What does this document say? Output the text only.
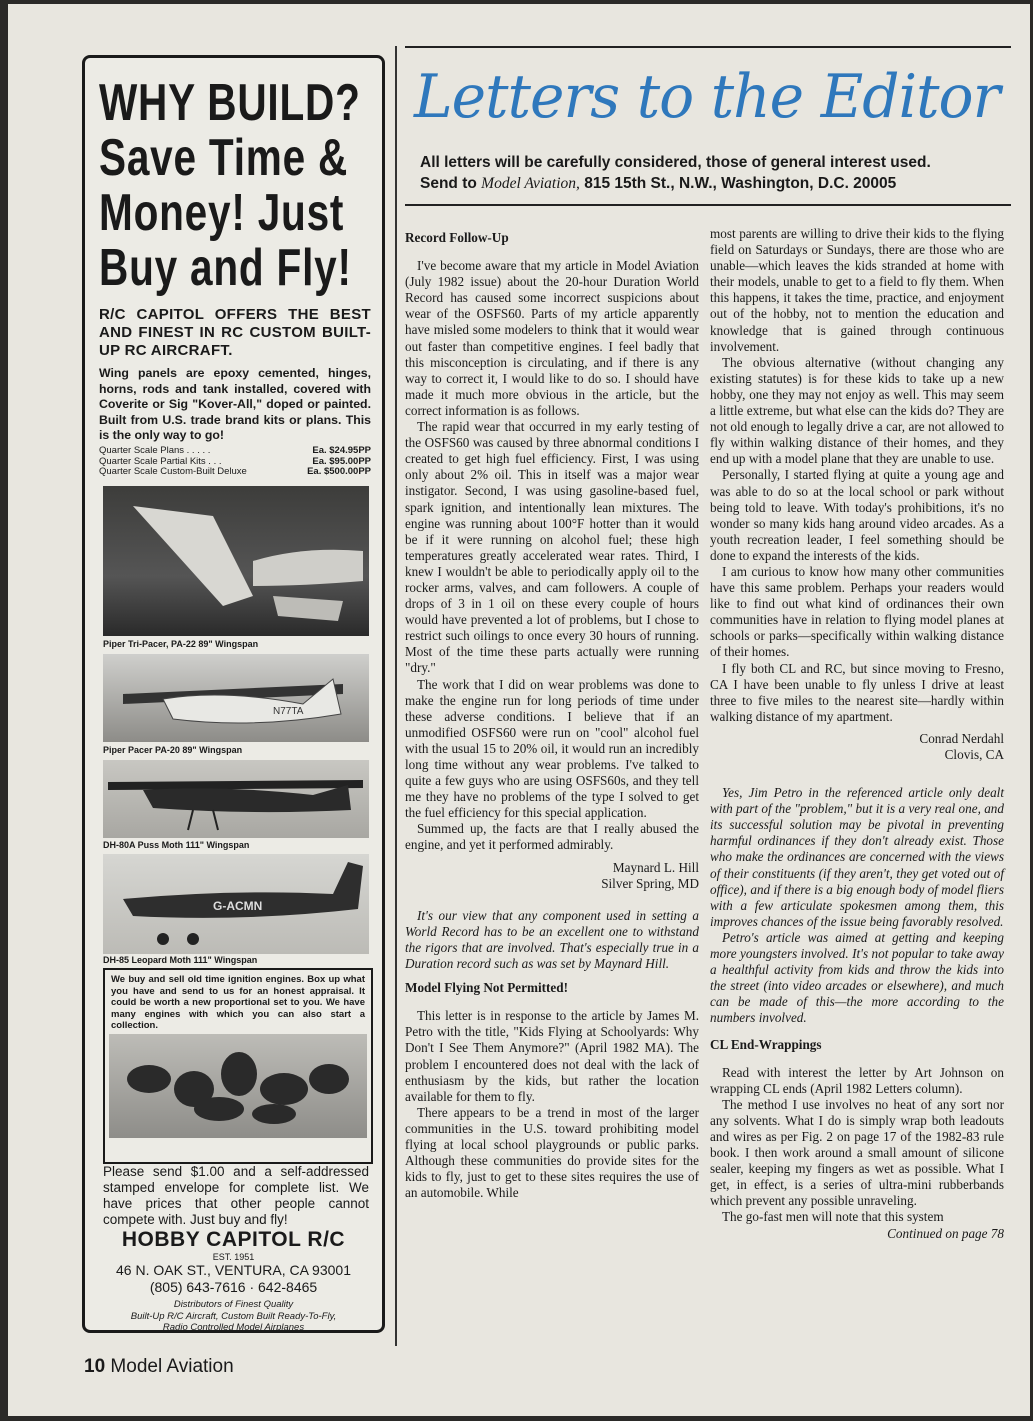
WHY BUILD?
Save Time &
Money! Just
Buy and Fly!
R/C CAPITOL OFFERS THE BEST AND FINEST IN RC CUSTOM BUILT-UP RC AIRCRAFT.
Wing panels are epoxy cemented, hinges, horns, rods and tank installed, covered with Coverite or Sig "Kover-All," doped or painted. Built from U.S. trade brand kits or plans. This is the only way to go!
Quarter Scale Plans . . . . .	Ea. $24.95PP
Quarter Scale Partial Kits . . .	Ea. $95.00PP
Quarter Scale Custom-Built Deluxe	Ea. $500.00PP
Piper Tri-Pacer, PA-22 89" Wingspan
N77TA
Piper Pacer PA-20 89" Wingspan
DH-80A Puss Moth 111" Wingspan
G-ACMN
DH-85 Leopard Moth 111" Wingspan
We buy and sell old time ignition engines. Box up what you have and send to us for an honest appraisal. It could be worth a new proportional set to you. We have many engines with which you can also start a collection.
Please send $1.00 and a self-addressed stamped envelope for complete list. We have prices that other people cannot compete with. Just buy and fly!
HOBBY CAPITOL R/C
EST. 1951
46 N. OAK ST., VENTURA, CA 93001
(805) 643-7616 · 642-8465
Distributors of Finest Quality
Built-Up R/C Aircraft, Custom Built Ready-To-Fly,
Radio Controlled Model Airplanes
Letters to the Editor
All letters will be carefully considered, those of general interest used.
Send to Model Aviation, 815 15th St., N.W., Washington, D.C. 20005
Record Follow-Up

I've become aware that my article in Model Aviation (July 1982 issue) about the 20-hour Duration World Record has caused some incorrect suspicions about wear of the OSFS60. Parts of my article apparently have misled some modelers to think that it would wear out faster than competitive engines. I feel badly that this misconception is circulating, and if there is any way to correct it, I would like to do so. I should have made it much more obvious in the article, but the correct information is as follows.

The rapid wear that occurred in my early testing of the OSFS60 was caused by three abnormal conditions I created to get high fuel efficiency. First, I was using only about 2% oil. This in itself was a major wear instigator. Second, I was using gasoline-based fuel, spark ignition, and intentionally lean mixtures. The engine was running about 100°F hotter than it would be if it were running on alcohol fuel; these high temperatures greatly accelerated wear rates. Third, I knew I wouldn't be able to periodically apply oil to the rocker arms, valves, and cam followers. A couple of drops of 3 in 1 oil on these every couple of hours would have prevented a lot of problems, but I chose to restrict such oilings to once every 30 hours of running. Most of the time these parts actually were running "dry."

The work that I did on wear problems was done to make the engine run for long periods of time under these adverse conditions. I believe that if an unmodified OSFS60 were run on "cool" alcohol fuel with the usual 15 to 20% oil, it would run an incredibly long time without any wear problems. I've talked to quite a few guys who are using OSFS60s, and they tell me they have no problems of the type I solved to get the fuel efficiency for this special application.

Summed up, the facts are that I really abused the engine, and yet it performed admirably.

Maynard L. Hill

Silver Spring, MD

It's our view that any component used in setting a World Record has to be an excellent one to withstand the rigors that are involved. That's especially true in a Duration record such as was set by Maynard Hill.

Model Flying Not Permitted!

This letter is in response to the article by James M. Petro with the title, "Kids Flying at Schoolyards: Why Don't I See Them Anymore?" (April 1982 MA). The problem I encountered does not deal with the lack of enthusiasm by the kids, but rather the location available for them to fly.

There appears to be a trend in most of the larger communities in the U.S. toward prohibiting model flying at local school playgrounds or public parks. Although these communities do provide sites for the kids to fly, just to get to these sites requires the use of an automobile. While

most parents are willing to drive their kids to the flying field on Saturdays or Sundays, there are those who are unable—which leaves the kids stranded at home with their models, unable to get to a field to fly them. When this happens, it takes the time, practice, and enjoyment out of the hobby, not to mention the education and knowledge that is gained through continuous involvement.

The obvious alternative (without changing any existing statutes) is for these kids to take up a new hobby, one they may not enjoy as well. This may seem a little extreme, but what else can the kids do? They are not old enough to legally drive a car, are not allowed to fly within walking distance of their homes, and they end up with a model plane that they are unable to use.

Personally, I started flying at quite a young age and was able to do so at the local school or park without being told to leave. With today's prohibitions, it's no wonder so many kids hang around video arcades. As a youth recreation leader, I feel something should be done to expand the interests of the kids.

I am curious to know how many other communities have this same problem. Perhaps your readers would like to find out what kind of ordinances their own communities have in relation to flying model planes at schools or parks—specifically within walking distance of their homes.

I fly both CL and RC, but since moving to Fresno, CA I have been unable to fly unless I drive at least three to five miles to the nearest site—hardly within walking distance of my apartment.

Conrad Nerdahl

Clovis, CA

Yes, Jim Petro in the referenced article only dealt with part of the "problem," but it is a very real one, and its successful solution may be pivotal in preventing harmful ordinances if they don't already exist. Those who make the ordinances are concerned with the views of their constituents (if they aren't, they get voted out of office), and if there is a big enough body of model fliers with a few articulate spokesmen among them, this improves chances of the issue being favorably resolved.

Petro's article was aimed at getting and keeping more youngsters involved. It's not popular to take away a healthful activity from kids and throw the kids into the street (into video arcades or elsewhere), and much can be made of this—the more according to the numbers involved.

CL End-Wrappings

Read with interest the letter by Art Johnson on wrapping CL ends (April 1982 Letters column).

The method I use involves no heat of any sort nor any solvents. What I do is simply wrap both leadouts and wires as per Fig. 2 on page 17 of the 1982-83 rule book. I then work around a small amount of silicone sealer, keeping my fingers as wet as possible. What I get, in effect, is a series of ultra-mini rubberbands which prevent any possible unraveling.

The go-fast men will note that this system

Continued on page 78
10 Model Aviation
